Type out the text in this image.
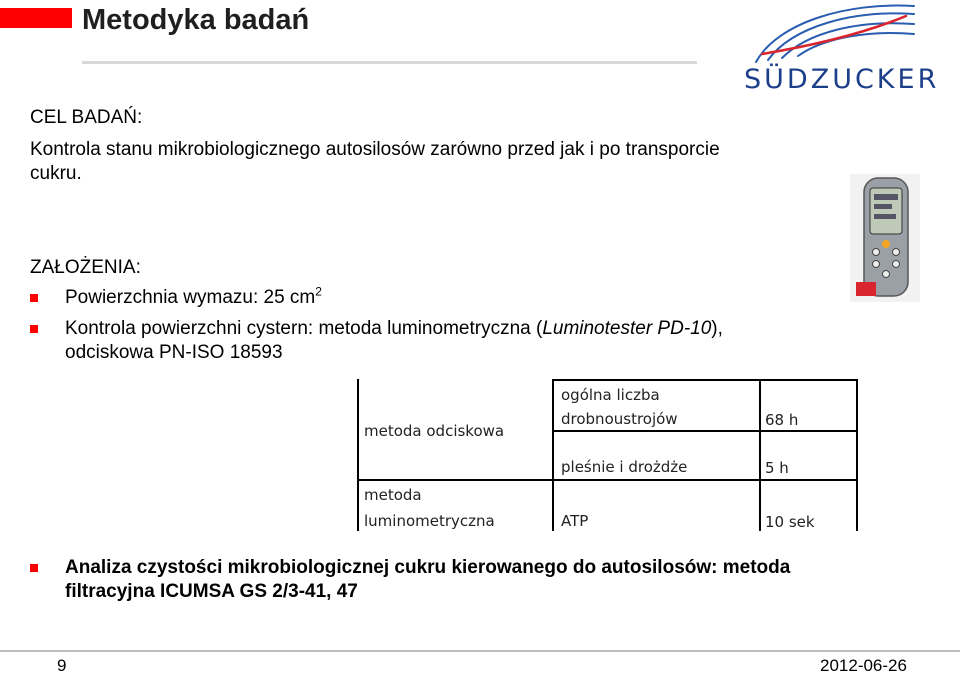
Metodyka badań
SÜDZUCKER
CEL BADAŃ:
Kontrola stanu mikrobiologicznego autosilosów zarówno przed jak i po transporcie
cukru.
ZAŁOŻENIA:
Powierzchnia wymazu: 25 $cm^2$
Kontrola powierzchni cystern: metoda luminometryczna (Luminotester PD-10),
odciskowa PN-ISO 18593
metoda odciskowa
metoda
luminometryczna
ogólna liczba
drobnoustrojów
pleśnie i drożdże
ATP
68 h
5 h
10 sek
Analiza czystości mikrobiologicznej cukru kierowanego do autosilosów: metoda
filtracyjna ICUMSA GS 2/3-41, 47
9	2012-06-26
